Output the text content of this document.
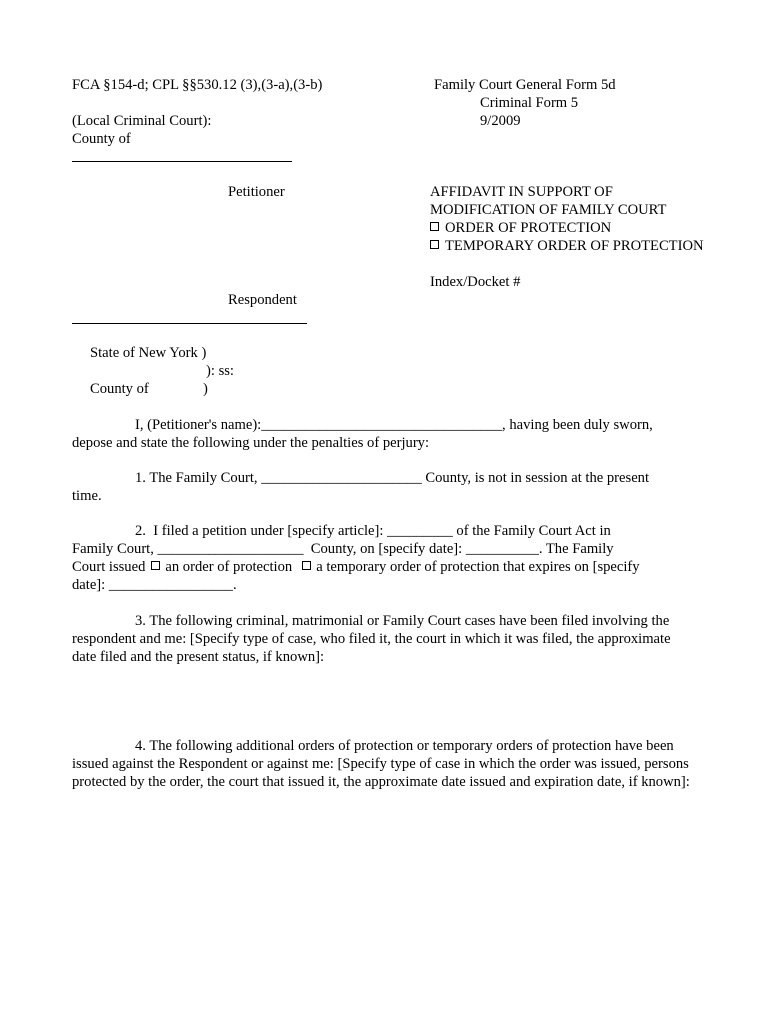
FCA §154-d; CPL §§530.12 (3),(3-a),(3-b)	Family Court General Form 5d
Criminal Form 5
9/2009
(Local Criminal Court):
County of
Petitioner	AFFIDAVIT IN SUPPORT OF
MODIFICATION OF FAMILY COURT
ORDER OF PROTECTION
TEMPORARY ORDER OF PROTECTION
Index/Docket #
Respondent
State of New York )
): ss:
County of	)
I, (Petitioner's name):_________________________________, having been duly sworn,
depose and state the following under the penalties of perjury:
1. The Family Court, ______________________ County, is not in session at the present
time.
2.  I filed a petition under [specify article]: _________ of the Family Court Act in
Family Court, ____________________ County, on [specify date]: __________. The Family
Court issued an order of protection a temporary order of protection that expires on [specify
date]: _________________.
3. The following criminal, matrimonial or Family Court cases have been filed involving the respondent and me: [Specify type of case, who filed it, the court in which it was filed, the approximate date filed and the present status, if known]:
4. The following additional orders of protection or temporary orders of protection have been issued against the Respondent or against me: [Specify type of case in which the order was issued, persons protected by the order, the court that issued it, the approximate date issued and expiration date, if known]:
